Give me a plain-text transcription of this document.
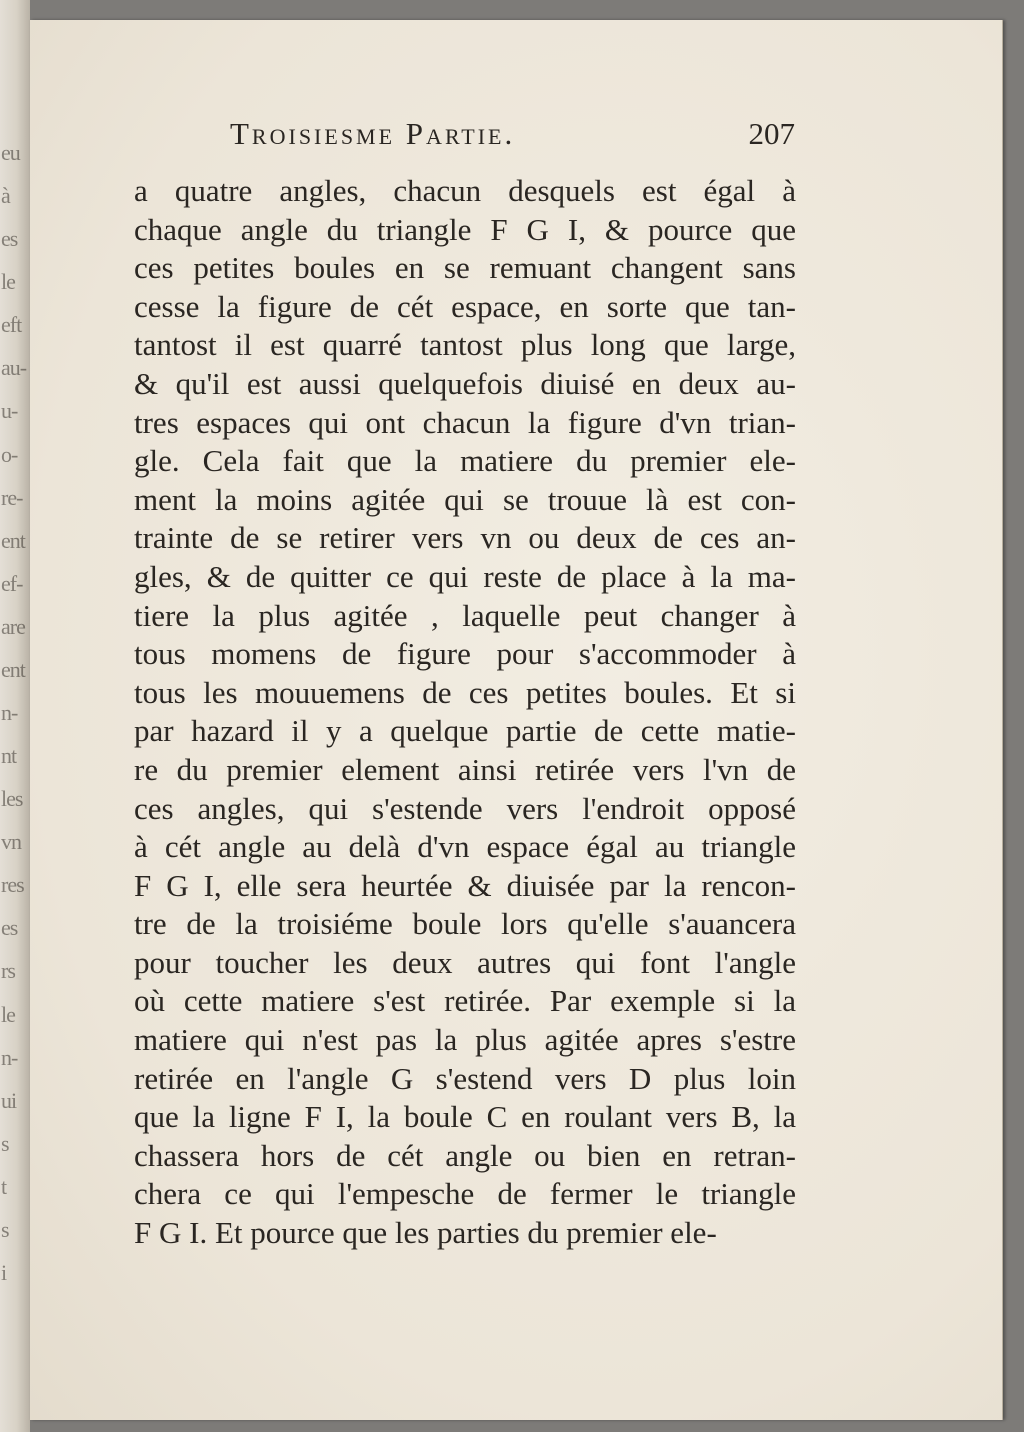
eu
à
es
le
eft
au-
u-
o-
re-
ent
ef-
are
ent
n-
nt
les
vn
res
es
rs
le
n-
ui
s
t
s
i
Troisiesme Partie.	207
a quatre angles, chacun desquels est égal à
chaque angle du triangle F G I, & pource que
ces petites boules en se remuant changent sans
cesse la figure de cét espace, en sorte que tan-
tantost il est quarré tantost plus long que large,
& qu'il est aussi quelquefois diuisé en deux au-
tres espaces qui ont chacun la figure d'vn trian-
gle. Cela fait que la matiere du premier ele-
ment la moins agitée qui se trouue là est con-
trainte de se retirer vers vn ou deux de ces an-
gles, & de quitter ce qui reste de place à la ma-
tiere la plus agitée , laquelle peut changer à
tous momens de figure pour s'accommoder à
tous les mouuemens de ces petites boules. Et si
par hazard il y a quelque partie de cette matie-
re du premier element ainsi retirée vers l'vn de
ces angles, qui s'estende vers l'endroit opposé
à cét angle au delà d'vn espace égal au triangle
F G I, elle sera heurtée & diuisée par la rencon-
tre de la troisiéme boule lors qu'elle s'auancera
pour toucher les deux autres qui font l'angle
où cette matiere s'est retirée. Par exemple si la
matiere qui n'est pas la plus agitée apres s'estre
retirée en l'angle G s'estend vers D plus loin
que la ligne F I, la boule C en roulant vers B, la
chassera hors de cét angle ou bien en retran-
chera ce qui l'empesche de fermer le triangle
F G I. Et pource que les parties du premier ele-
